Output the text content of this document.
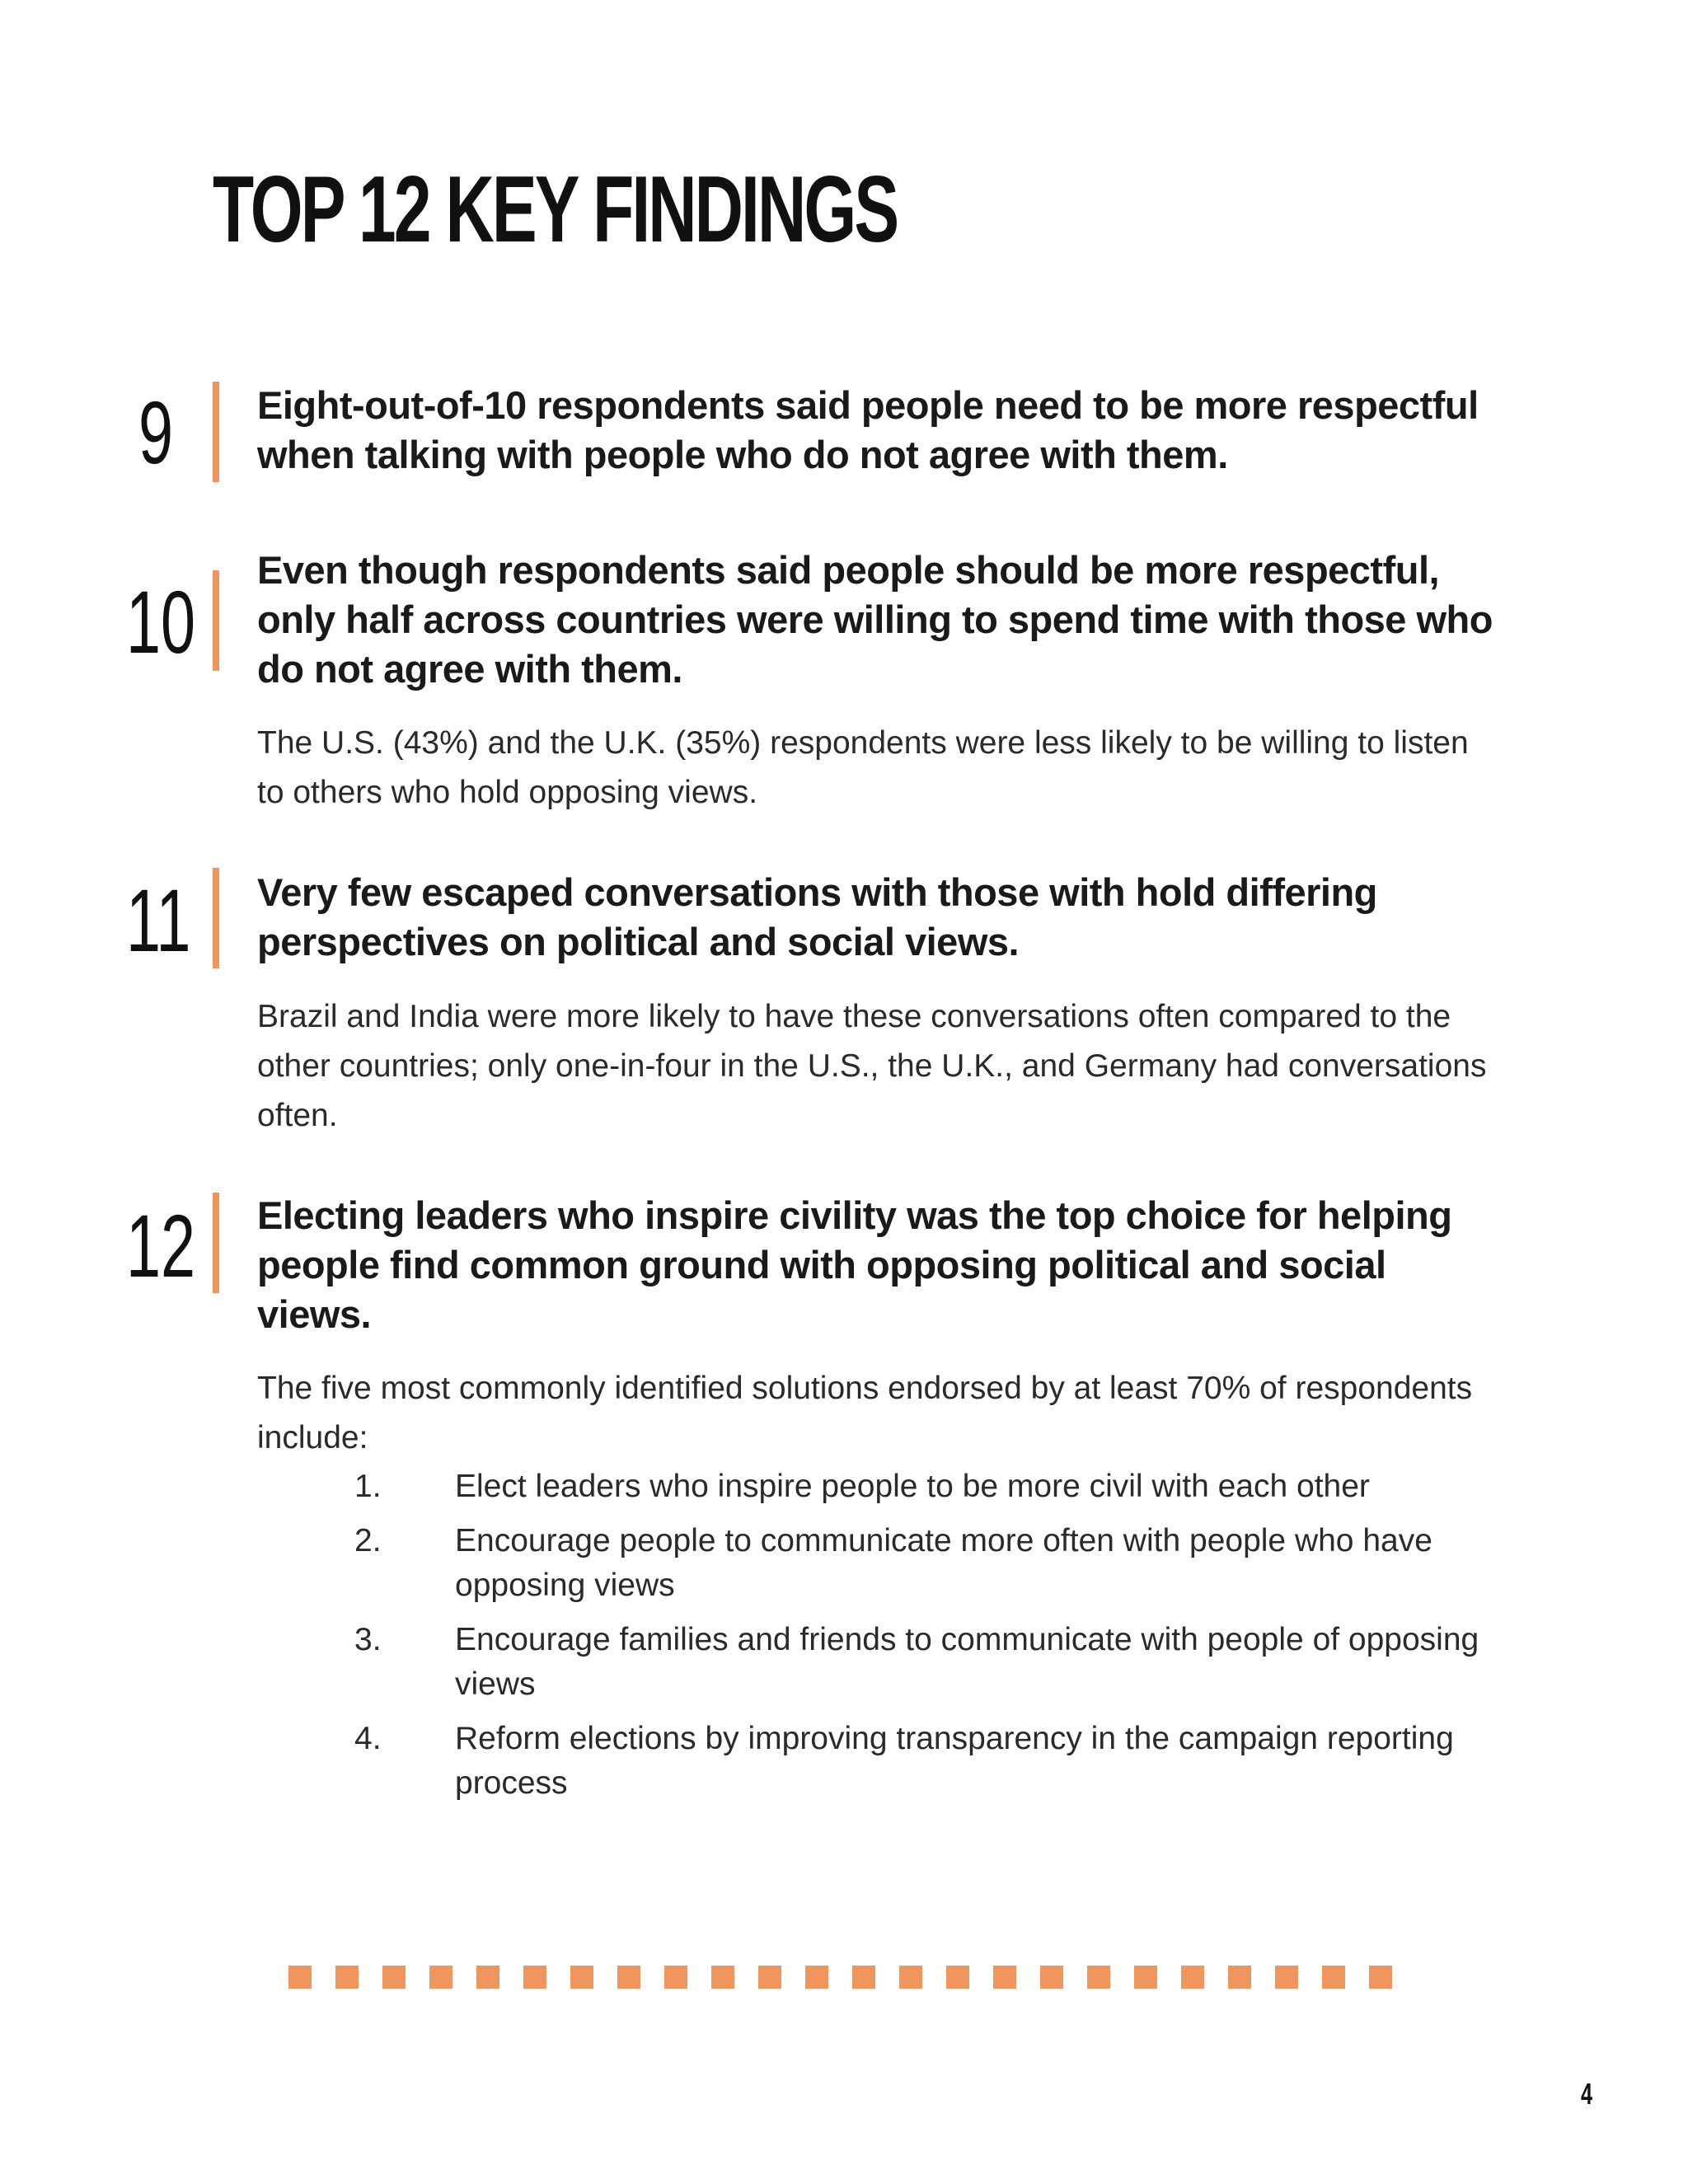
TOP 12 KEY FINDINGS
9 Eight-out-of-10 respondents said people need to be more respectful when talking with people who do not agree with them.
10
Even though respondents said people should be more respectful, only half across countries were willing to spend time with those who do not agree with them.
The U.S. (43%) and the U.K. (35%) respondents were less likely to be willing to listen to others who hold opposing views.
11 Very few escaped conversations with those with hold differing perspectives on political and social views.
Brazil and India were more likely to have these conversations often compared to the other countries; only one-in-four in the U.S., the U.K., and Germany had conversations often.
12 Electing leaders who inspire civility was the top choice for helping people find common ground with opposing political and social views.
The five most commonly identified solutions endorsed by at least 70% of respondents include:
1. Elect leaders who inspire people to be more civil with each other
2. Encourage people to communicate more often with people who have opposing views
3. Encourage families and friends to communicate with people of opposing views
4. Reform elections by improving transparency in the campaign reporting process
4
